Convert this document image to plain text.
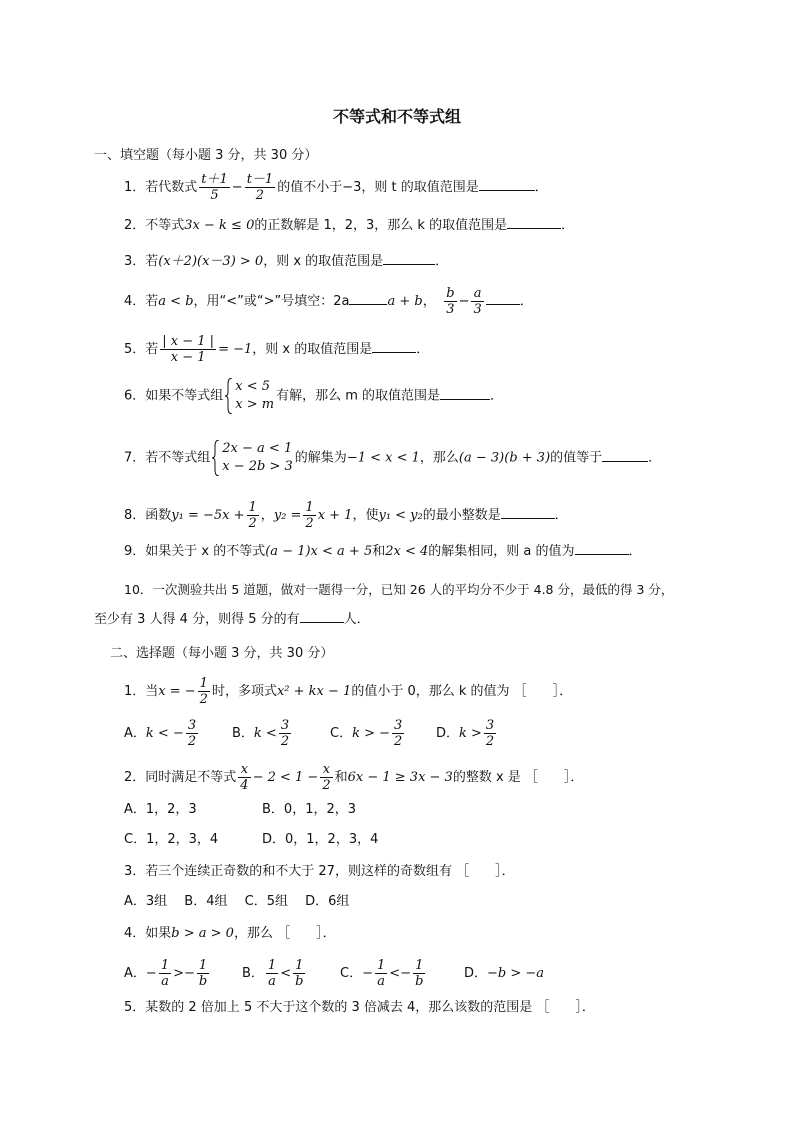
不等式和不等式组
一、填空题（每小题 3 分，共 30 分）
1．若代数式 $\frac{t+1}{5} - \frac{t-1}{2}$ 的值不小于−3，则 t 的取值范围是	．
2．不等式3x − k ≤ 0的正数解是 1，2，3，那么 k 的取值范围是	．
3．若(x＋2)(x－3) > 0，则 x 的取值范围是	．
4．若a < b，用“<”或“>”号填空：2a	a + b，　 $\frac{b}{3} - \frac{a}{3}$	．
5．若 $\frac{| x - 1 |}{x - 1} = -1$，则 x 的取值范围是	．
6．如果不等式组
x < 5
x > m
有解，那么 m 的取值范围是	．
7．若不等式组
2x − a < 1
x − 2b > 3
的解集为−1 < x < 1，那么(a − 3)(b + 3)的值等于	．
8．函数$y_1 = -5x + \frac{1}{2}$ ，$y_2 = \frac{1}{2}$ x + 1，使y₁ < y₂的最小整数是	．
9．如果关于 x 的不等式(a − 1)x < a + 5和2x < 4的解集相同，则 a 的值为	．
10．一次测验共出 5 道题，做对一题得一分，已知 26 人的平均分不少于 4.8 分，最低的得 3 分，
至少有 3 人得 4 分，则得 5 分的有	人．
二、选择题（每小题 3 分，共 30 分）
1．当x = − $\frac{1}{2}$ 时，多项式x² + kx − 1的值小于 0，那么 k 的值为 ［　　］．
A．k < − $\frac{3}{2}$	B．$k < \frac{3}{2}$	C．k > − $\frac{3}{2}$ D．$k > \frac{3}{2}$
2．同时满足不等式 $\frac{x}{4} - 2 < 1 - \frac{x}{2}$ 和6x − 1 ≥ 3x − 3的整数 x 是 ［　　］．
A．1，2，3	B．0，1，2，3
C．1，2，3，4	D．0，1，2，3，4
3．若三个连续正奇数的和不大于 27，则这样的奇数组有 ［　　］．
A．3组　 B．4组　 C．5组　 D．6组
4．如果b > a > 0，那么 ［　　］．
A．− $\frac{1}{a} >- \frac{1}{b}$	B． $\frac{1}{a} < \frac{1}{b}$	C．− $\frac{1}{a} <- \frac{1}{b}$	D．−b > −a
5．某数的 2 倍加上 5 不大于这个数的 3 倍减去 4，那么该数的范围是 ［　　］．
